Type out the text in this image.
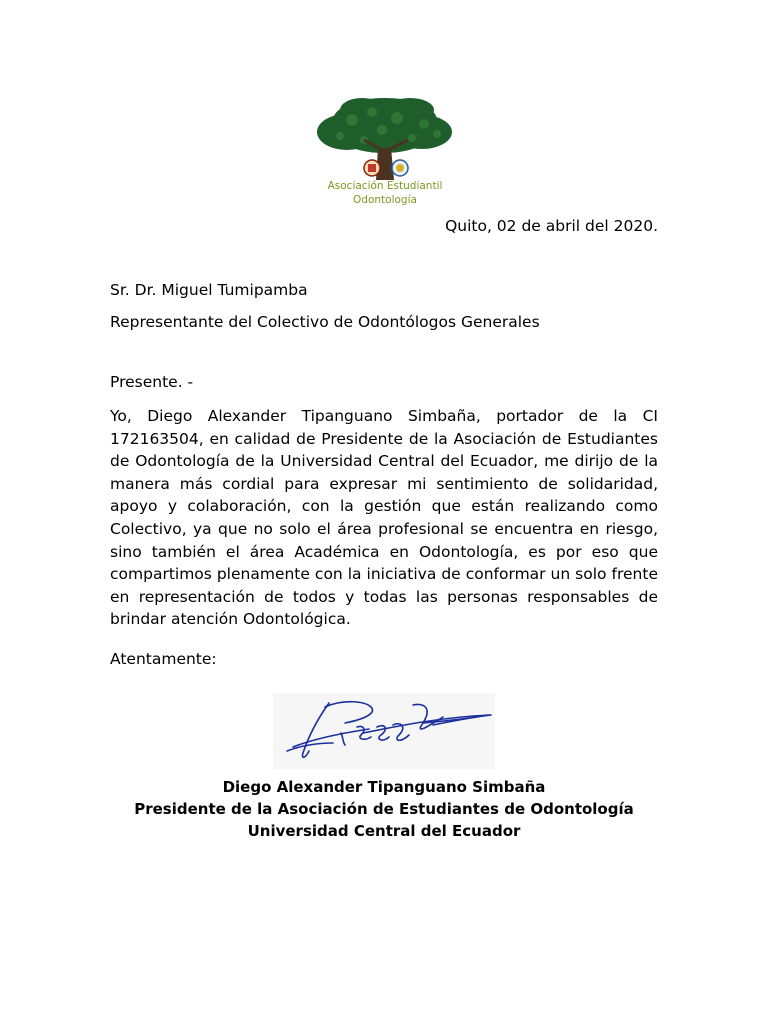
Asociación Estudiantil
Odontología
Quito, 02 de abril del 2020.
Sr. Dr. Miguel Tumipamba
Representante del Colectivo de Odontólogos Generales
Presente. -
Yo, Diego Alexander Tipanguano Simbaña, portador de la CI 172163504, en calidad de Presidente de la Asociación de Estudiantes de Odontología de la Universidad Central del Ecuador, me dirijo de la manera más cordial para expresar mi sentimiento de solidaridad, apoyo y colaboración, con la gestión que están realizando como Colectivo, ya que no solo el área profesional se encuentra en riesgo, sino también el área Académica en Odontología, es por eso que compartimos plenamente con la iniciativa de conformar un solo frente en representación de todos y todas las personas responsables de brindar atención Odontológica.
Atentamente:
Diego Alexander Tipanguano Simbaña
Presidente de la Asociación de Estudiantes de Odontología
Universidad Central del Ecuador
